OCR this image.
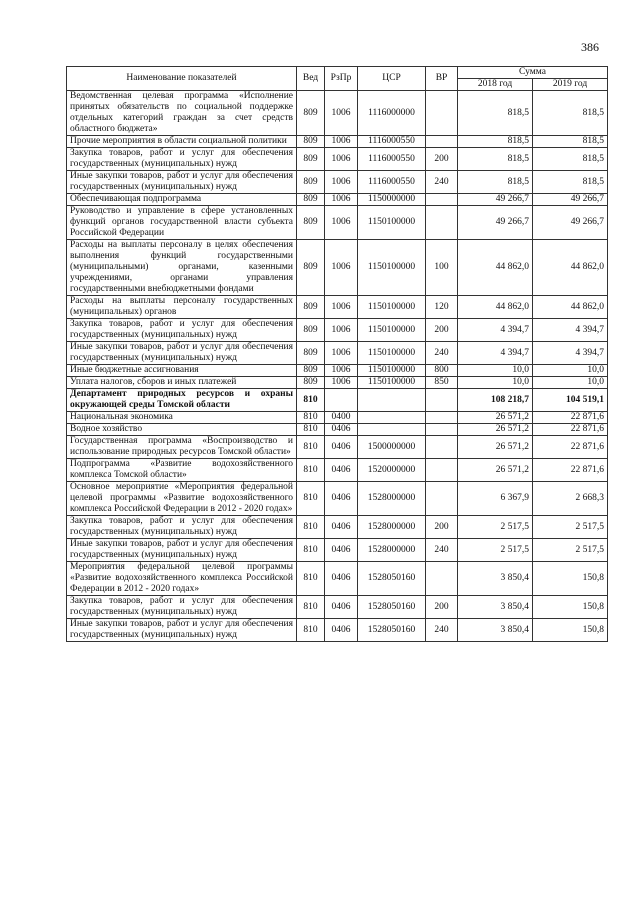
386
Наименование показателей	Вед	РзПр	ЦСР	ВР	Сумма	
					2018 год	2019 год
Ведомственная целевая программа «Исполнение принятых обязательств по социальной поддержке отдельных категорий граждан за счет средств областного бюджета»	809	1006	1116000000		818,5	818,5
Прочие мероприятия в области социальной политики	809	1006	1116000550		818,5	818,5
Закупка товаров, работ и услуг для обеспечения государственных (муниципальных) нужд	809	1006	1116000550	200	818,5	818,5
Иные закупки товаров, работ и услуг для обеспечения государственных (муниципальных) нужд	809	1006	1116000550	240	818,5	818,5
Обеспечивающая подпрограмма	809	1006	1150000000		49 266,7	49 266,7
Руководство и управление в сфере установленных функций органов государственной власти субъекта Российской Федерации	809	1006	1150100000		49 266,7	49 266,7
Расходы на выплаты персоналу в целях обеспечения выполнения функций государственными (муниципальными) органами, казенными учреждениями, органами управления государственными внебюджетными фондами	809	1006	1150100000	100	44 862,0	44 862,0
Расходы на выплаты персоналу государственных (муниципальных) органов	809	1006	1150100000	120	44 862,0	44 862,0
Закупка товаров, работ и услуг для обеспечения государственных (муниципальных) нужд	809	1006	1150100000	200	4 394,7	4 394,7
Иные закупки товаров, работ и услуг для обеспечения государственных (муниципальных) нужд	809	1006	1150100000	240	4 394,7	4 394,7
Иные бюджетные ассигнования	809	1006	1150100000	800	10,0	10,0
Уплата налогов, сборов и иных платежей	809	1006	1150100000	850	10,0	10,0
Департамент природных ресурсов и охраны окружающей среды Томской области	810				108 218,7	104 519,1
Национальная экономика	810	0400			26 571,2	22 871,6
Водное хозяйство	810	0406			26 571,2	22 871,6
Государственная программа «Воспроизводство и использование природных ресурсов Томской области»	810	0406	1500000000		26 571,2	22 871,6
Подпрограмма «Развитие водохозяйственного комплекса Томской области»	810	0406	1520000000		26 571,2	22 871,6
Основное мероприятие «Мероприятия федеральной целевой программы «Развитие водохозяйственного комплекса Российской Федерации в 2012 - 2020 годах»	810	0406	1528000000		6 367,9	2 668,3
Закупка товаров, работ и услуг для обеспечения государственных (муниципальных) нужд	810	0406	1528000000	200	2 517,5	2 517,5
Иные закупки товаров, работ и услуг для обеспечения государственных (муниципальных) нужд	810	0406	1528000000	240	2 517,5	2 517,5
Мероприятия федеральной целевой программы «Развитие водохозяйственного комплекса Российской Федерации в 2012 - 2020 годах»	810	0406	1528050160		3 850,4	150,8
Закупка товаров, работ и услуг для обеспечения государственных (муниципальных) нужд	810	0406	1528050160	200	3 850,4	150,8
Иные закупки товаров, работ и услуг для обеспечения государственных (муниципальных) нужд	810	0406	1528050160	240	3 850,4	150,8
